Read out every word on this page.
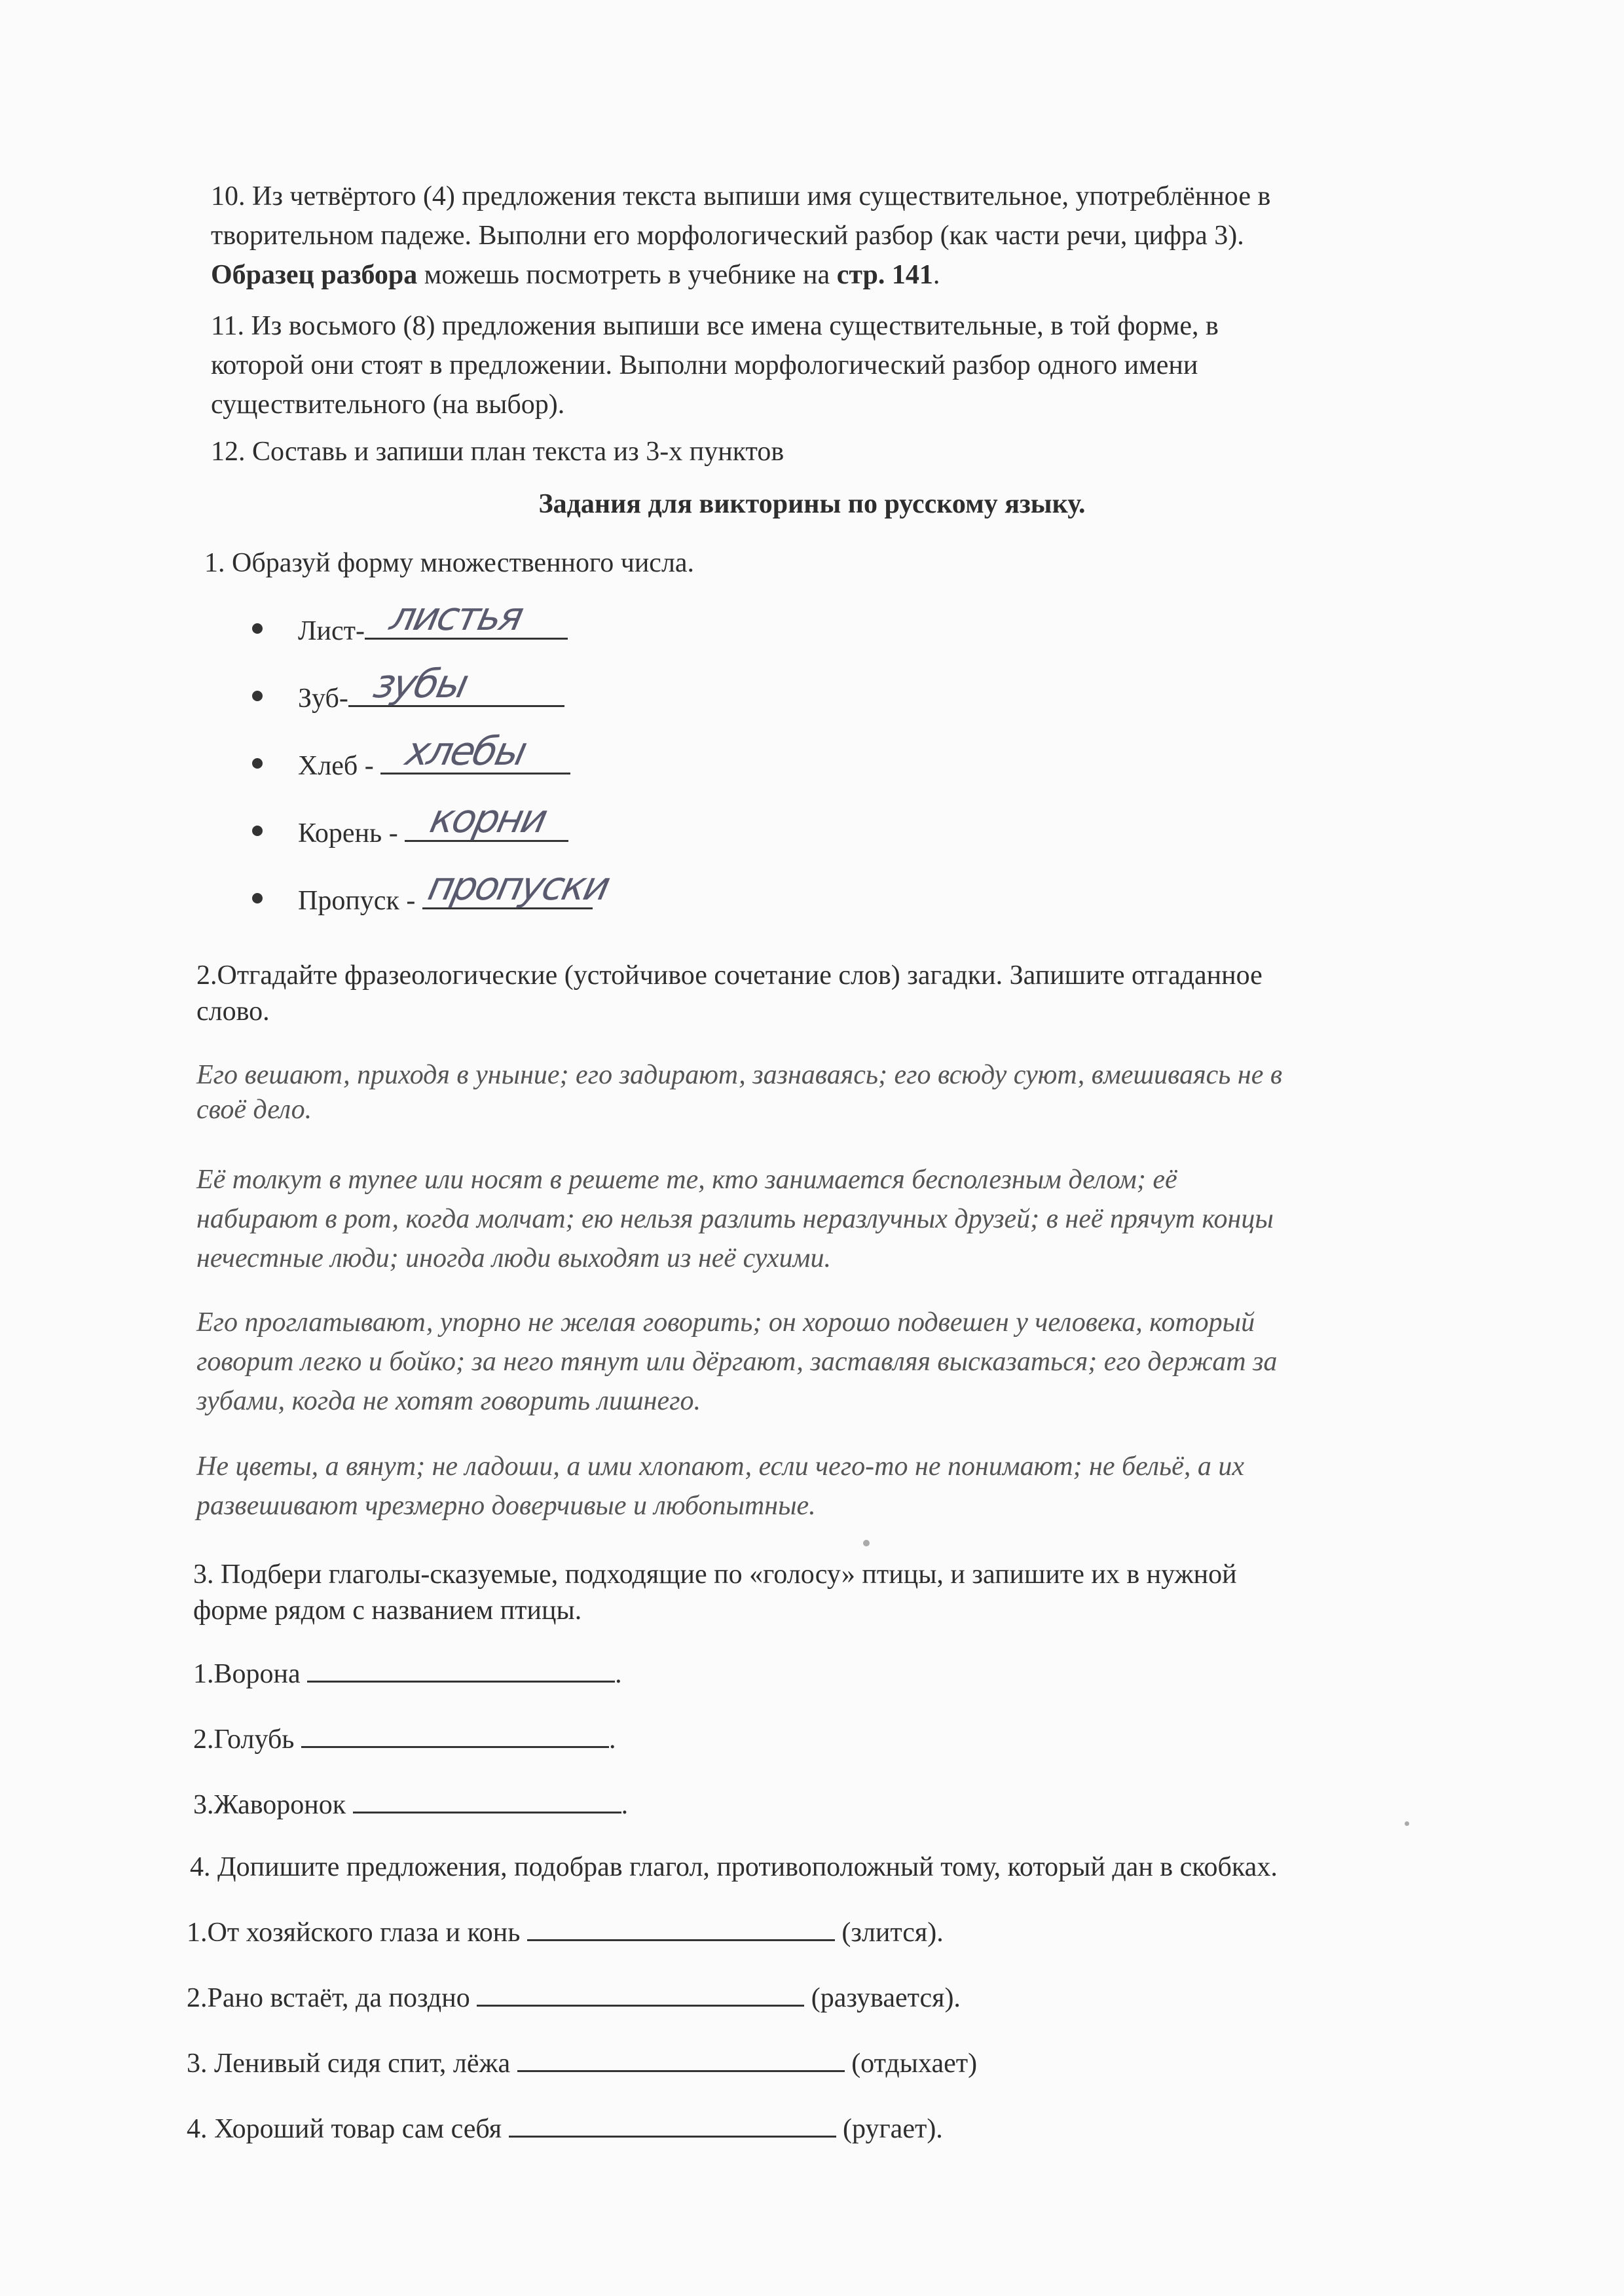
10. Из четвёртого (4) предложения текста выпиши имя существительное, употреблённое в

творительном падеже. Выполни его морфологический разбор (как части речи, цифра 3).

Образец разбора можешь посмотреть в учебнике на стр. 141.

11. Из восьмого (8) предложения выпиши все имена существительные, в той форме, в

которой они стоят в предложении. Выполни морфологический разбор одного имени

существительного (на выбор).

12. Составь и запиши план текста из 3-х пунктов

Задания для викторины по русскому языку.

1. Образуй форму множественного числа.

Лист- листья

Зуб- зубы

Хлеб - хлебы

Корень - корни

Пропуск - пропуски

2.Отгадайте фразеологические (устойчивое сочетание слов) загадки. Запишите отгаданное

слово.

Его вешают, приходя в уныние; его задирают, зазнаваясь; его всюду суют, вмешиваясь не в

своё дело.

Её толкут в тупее или носят в решете те, кто занимается бесполезным делом; её

набирают в рот, когда молчат; ею нельзя разлить неразлучных друзей; в неё прячут концы

нечестные люди; иногда люди выходят из неё сухими.

Его проглатывают, упорно не желая говорить; он хорошо подвешен у человека, который

говорит легко и бойко; за него тянут или дёргают, заставляя высказаться; его держат за

зубами, когда не хотят говорить лишнего.

Не цветы, а вянут; не ладоши, а ими хлопают, если чего-то не понимают; не бельё, а их

развешивают чрезмерно доверчивые и любопытные.

3. Подбери глаголы-сказуемые, подходящие по «голосу» птицы, и запишите их в нужной

форме рядом с названием птицы.

1.Ворона	.

2.Голубь	.

3.Жаворонок	.

4. Допишите предложения, подобрав глагол, противоположный тому, который дан в скобках.

1.От хозяйского глаза и конь	(злится).

2.Рано встаёт, да поздно	(разувается).

3. Ленивый сидя спит, лёжа	(отдыхает)

4. Хороший товар сам себя	(ругает).
